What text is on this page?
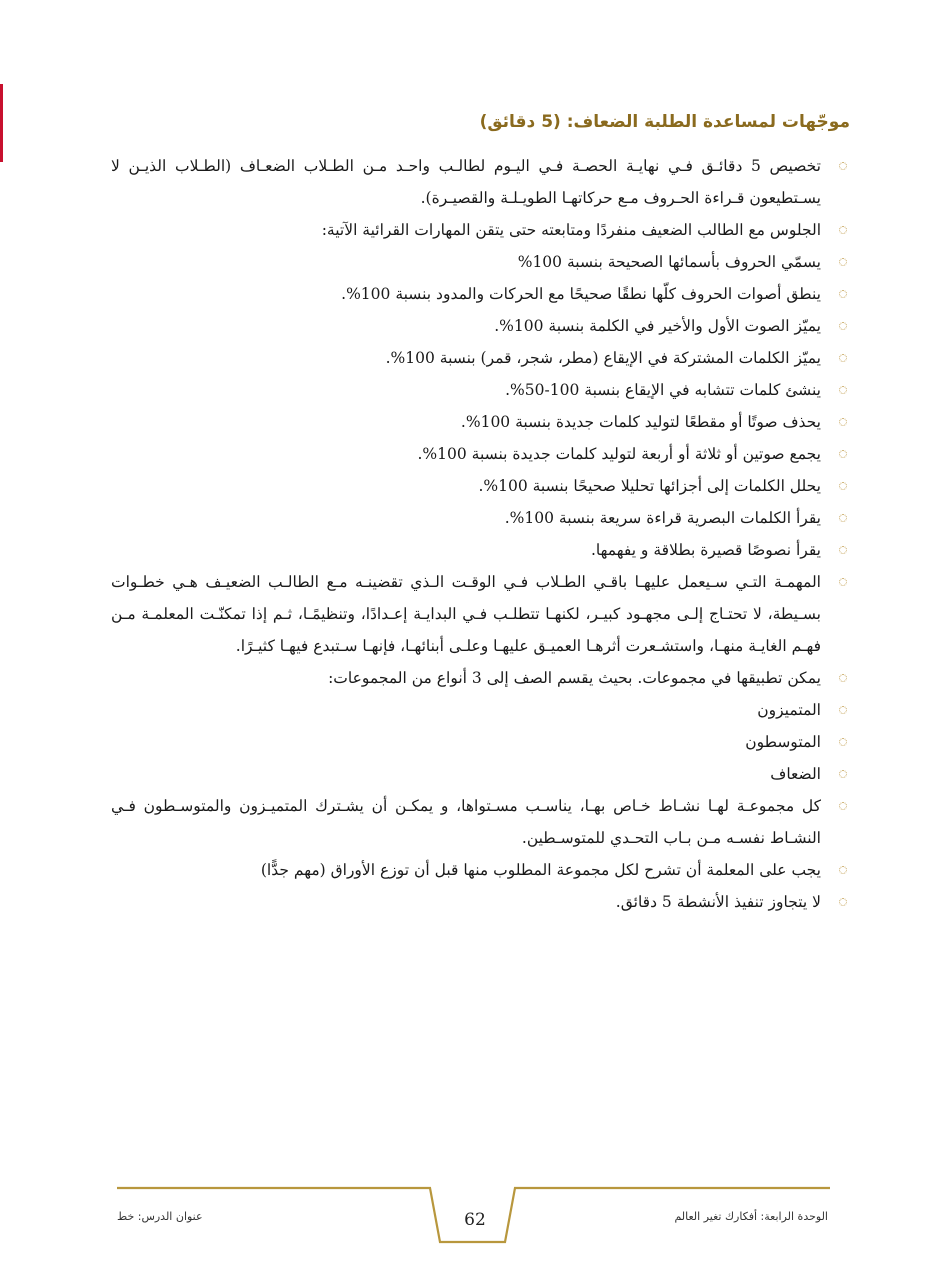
موجّهات لمساعدة الطلبة الضعاف: (5 دقائق)
تخصيص 5 دقائـق فـي نهايـة الحصـة فـي اليـوم لطالـب واحـد مـن الطـلاب الضعـاف (الطـلاب الذيـن لا يسـتطيعون قـراءة الحـروف مـع حركاتهـا الطويـلـة والقصيـرة).
الجلوس مع الطالب الضعيف منفردًا ومتابعته حتى يتقن المهارات القرائية الآتية:
يسمّي الحروف بأسمائها الصحيحة بنسبة 100%
ينطق أصوات الحروف كلّها نطقًا صحيحًا مع الحركات والمدود بنسبة 100%.
يميّز الصوت الأول والأخير في الكلمة بنسبة 100%.
يميّز الكلمات المشتركة في الإيقاع (مطر، شجر، قمر) بنسبة 100%.
ينشئ كلمات تتشابه في الإيقاع بنسبة 100-50%.
يحذف صوتًا أو مقطعًا لتوليد كلمات جديدة بنسبة 100%.
يجمع صوتين أو ثلاثة أو أربعة لتوليد كلمات جديدة بنسبة 100%.
يحلل الكلمات إلى أجزائها تحليلا صحيحًا بنسبة 100%.
يقرأ الكلمات البصرية قراءة سريعة بنسبة 100%.
يقرأ نصوصًا قصيرة بطلاقة و يفهمها.
المهمـة التـي سـيعمل عليهـا باقـي الطـلاب فـي الوقـت الـذي تقضينـه مـع الطالـب الضعيـف هـي خطـوات بسـيطة، لا تحتـاج إلـى مجهـود كبيـر، لكنهـا تتطلـب فـي البدايـة إعـدادًا، وتنظيمًـا، ثـم إذا تمكنّـت المعلمـة مـن فهـم الغايـة منهـا، واستشـعرت أثرهـا العميـق عليهـا وعلـى أبنائهـا، فإنهـا سـتبدع فيهـا كثيـرًا.
يمكن تطبيقها في مجموعات. بحيث يقسم الصف إلى 3 أنواع من المجموعات:
المتميزون
المتوسطون
الضعاف
كل مجموعـة لهـا نشـاط خـاص بهـا، يناسـب مسـتواها، و يمكـن أن يشـترك المتميـزون والمتوسـطون فـي النشـاط نفسـه مـن بـاب التحـدي للمتوسـطين.
يجب على المعلمة أن تشرح لكل مجموعة المطلوب منها قبل أن توزع الأوراق (مهم جدًّا)
لا يتجاوز تنفيذ الأنشطة 5 دقائق.
عنوان الدرس: خط	62	الوحدة الرابعة: أفكارك تغير العالم
